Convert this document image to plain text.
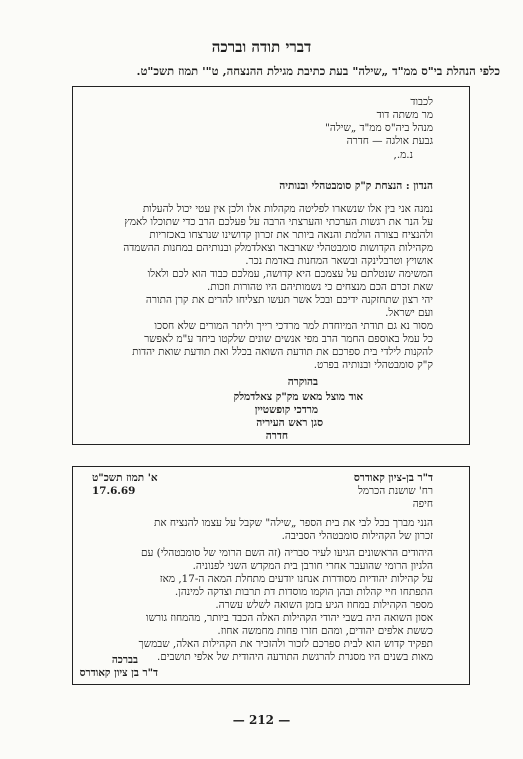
דברי תודה וברכה
כלפי הנהלת בי"ס ממ"ד „שילה" בעת כתיבת מגילת ההנצחה, ט"' תמוז תשכ"ט.
לכבוד
מר משתה דוד
מנהל ביה"ס ממ"ד „שילה"
גבעת אולגה — חדרה
נ.מ.,
הנדון : הנצחת ק"ק סומבטהלי ובנותיה
נמנה אני בין אלו שנשארו לפליטה מקהלות אלו ולכן אין עטי יכול להעלות
על הנר את רגשות הערכתי והערצתי הרבה על פעלכם הרב כדי שתוכלו לאמץ
ולהנציח בצורה הולמת והנאה ביותר את זכרון קדושינו שנרצחו באכזריות
מקהילות הקדושות סומבטהלי שארבאר וצאלדמלק ובנותיהם במחנות ההשמדה
אושויץ וטרבלינקה ובשאר המחנות באדמת נכר.
המשימה שנטלתם על עצמכם היא קדושה, עמלכם כבוד הוא לכם ולאלו
שאת זכרם הכם מנצחים כי נשמותיהם היו טהורות וזכות.
יהי רצון שתחזקנה ידיכם ובכל אשר תעשו תצליחו להרים את קרן התורה
ועם ישראל.
מסור נא גם תודתי המיוחדת למר מרדכי רייך וליתר המורים שלא חסכו
כל עמל באוספם החמר הרב מפי אנשים שונים שלקטו ביחד ע"מ לאפשר
להקנות לילדי בית ספרכם את תודעת השואה בכלל ואת תודעת שואת יהדות
ק"ק סומבטהלי ובנותיה בפרט.
בהוקרה
אוד מוצל מאש מק"ק צאלדמלק
מרדכי קופשטיין
סגן ראש העיריה
חדרה
ד"ר בן-ציון קאודרס
רח' שושנת הכרמל
חיפה
א' תמוז תשכ"ט
17.6.69
הנני מברך בכל לבי את בית הספר „שילה" שקבל על עצמו להנציח את
זכרון של הקהילות סומבטהלי הסביבה.
היהודים הראשונים הגיעו לעיר סבריה (זה השם הרומי של סומבטהלי) עם
הלגיון הרומי שהועבר אחרי חורבן בית המקדש השני לפנוניה.
על קהילות יהודיות מסודרות אנחנו יודעים מתחלת המאה ה-17, מאז
התפתחו חיי קהלות ובהן הוקמו מוסדות דת תרבות וצדקה למינהן.
מספר הקהילות במחוז הגיע בזמן השואה לשלש עשרה.
אסון השואה היה בשבי יהודי הקהילות האלה הכבד ביותר, מהמחוז גורשו
כששת אלפים יהודים, ומהם חזרו פחות מחמשה אחוז.
תפקיד קדוש הוא לבית ספרכם לזכור ולהזכיר את הקהילות האלה, שבמשך
מאות בשנים היו מסגרת להרגשת התודעה היהודית של אלפי תושבים.
בברכה
ד"ר בן ציון קאודרס
— 212 —
